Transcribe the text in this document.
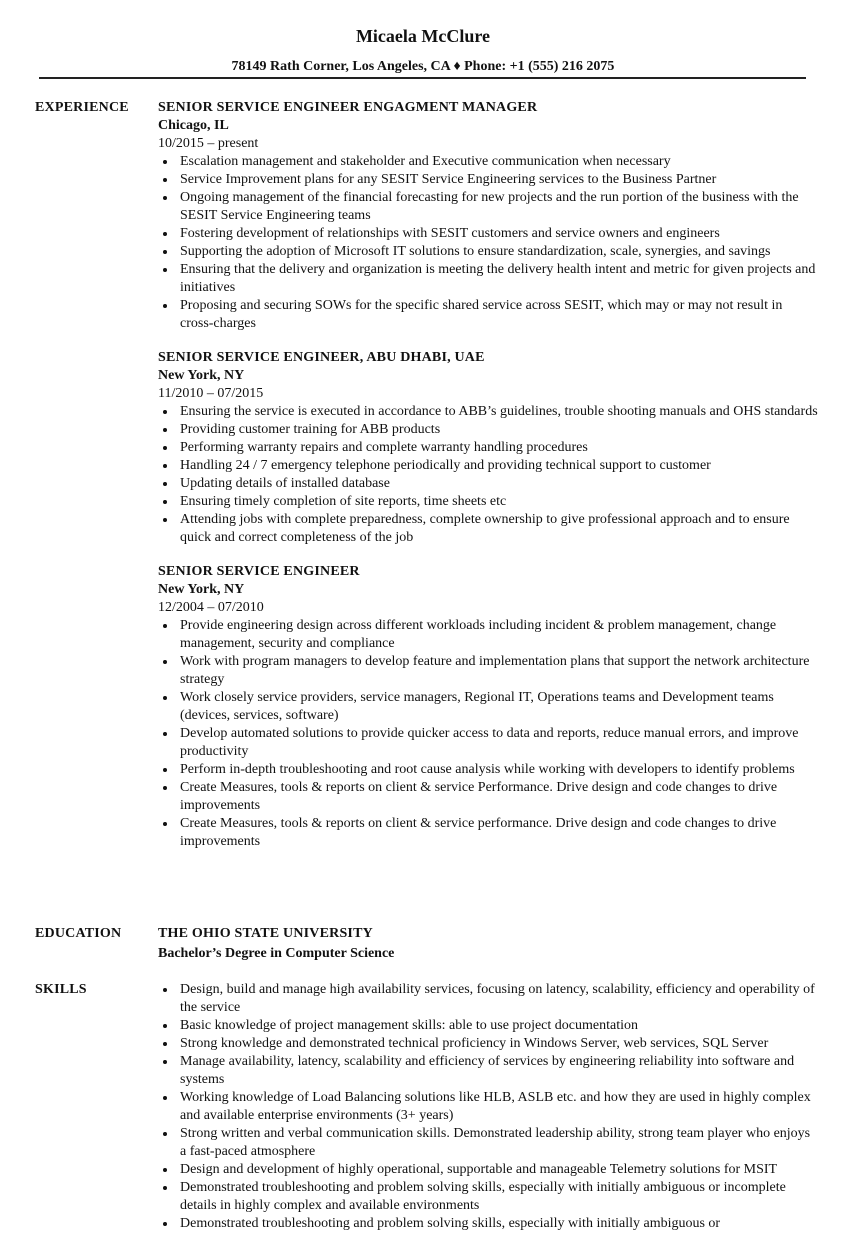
Micaela McClure
78149 Rath Corner, Los Angeles, CA ♦ Phone: +1 (555) 216 2075
EXPERIENCE SENIOR SERVICE ENGINEER ENGAGMENT MANAGER
Chicago, IL
10/2015 – present
Escalation management and stakeholder and Executive communication when necessary
Service Improvement plans for any SESIT Service Engineering services to the Business Partner
Ongoing management of the financial forecasting for new projects and the run portion of the business with the SESIT Service Engineering teams
Fostering development of relationships with SESIT customers and service owners and engineers
Supporting the adoption of Microsoft IT solutions to ensure standardization, scale, synergies, and savings
Ensuring that the delivery and organization is meeting the delivery health intent and metric for given projects and initiatives
Proposing and securing SOWs for the specific shared service across SESIT, which may or may not result in cross-charges
SENIOR SERVICE ENGINEER, ABU DHABI, UAE
New York, NY
11/2010 – 07/2015
Ensuring the service is executed in accordance to ABB’s guidelines, trouble shooting manuals and OHS standards
Providing customer training for ABB products
Performing warranty repairs and complete warranty handling procedures
Handling 24 / 7 emergency telephone periodically and providing technical support to customer
Updating details of installed database
Ensuring timely completion of site reports, time sheets etc
Attending jobs with complete preparedness, complete ownership to give professional approach and to ensure quick and correct completeness of the job
SENIOR SERVICE ENGINEER
New York, NY
12/2004 – 07/2010
Provide engineering design across different workloads including incident & problem management, change management, security and compliance
Work with program managers to develop feature and implementation plans that support the network architecture strategy
Work closely service providers, service managers, Regional IT, Operations teams and Development teams (devices, services, software)
Develop automated solutions to provide quicker access to data and reports, reduce manual errors, and improve productivity
Perform in-depth troubleshooting and root cause analysis while working with developers to identify problems
Create Measures, tools & reports on client & service Performance. Drive design and code changes to drive improvements
Create Measures, tools & reports on client & service performance. Drive design and code changes to drive improvements
EDUCATION	THE OHIO STATE UNIVERSITY
Bachelor’s Degree in Computer Science
SKILLS	Design, build and manage high availability services, focusing on latency, scalability, efficiency and operability of the service
Basic knowledge of project management skills: able to use project documentation
Strong knowledge and demonstrated technical proficiency in Windows Server, web services, SQL Server
Manage availability, latency, scalability and efficiency of services by engineering reliability into software and systems
Working knowledge of Load Balancing solutions like HLB, ASLB etc. and how they are used in highly complex and available enterprise environments (3+ years)
Strong written and verbal communication skills. Demonstrated leadership ability, strong team player who enjoys a fast-paced atmosphere
Design and development of highly operational, supportable and manageable Telemetry solutions for MSIT
Demonstrated troubleshooting and problem solving skills, especially with initially ambiguous or incomplete details in highly complex and available environments
Demonstrated troubleshooting and problem solving skills, especially with initially ambiguous or
